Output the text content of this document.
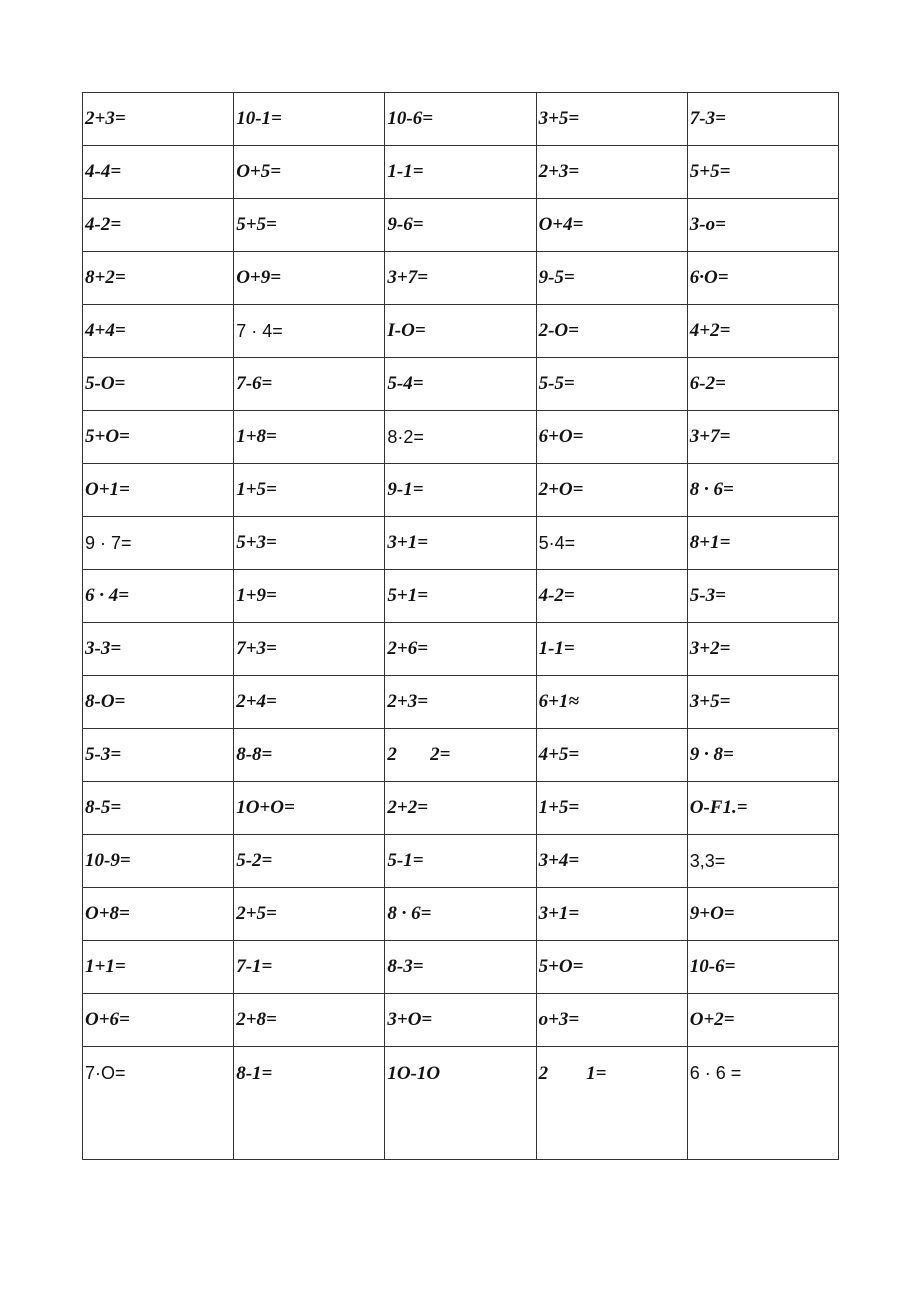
2+3=	10-1=	10-6=	3+5=	7-3=
4-4=	O+5=	1-1=	2+3=	5+5=
4-2=	5+5=	9-6=	O+4=	3-o=
8+2=	O+9=	3+7=	9-5=	6·O=
4+4=	7 · 4=	I-O=	2-O=	4+2=
5-O=	7-6=	5-4=	5-5=	6-2=
5+O=	1+8=	8·2=	6+O=	3+7=
O+1=	1+5=	9-1=	2+O=	8 · 6=
9 · 7=	5+3=	3+1=	5·4=	8+1=
6 · 4=	1+9=	5+1=	4-2=	5-3=
3-3=	7+3=	2+6=	1-1=	3+2=
8-O=	2+4=	2+3=	6+1≈	3+5=
5-3=	8-8=	2       2=	4+5=	9 · 8=
8-5=	1O+O=	2+2=	1+5=	O-F1.=
10-9=	5-2=	5-1=	3+4=	3,3=
O+8=	2+5=	8 · 6=	3+1=	9+O=
1+1=	7-1=	8-3=	5+O=	10-6=
O+6=	2+8=	3+O=	o+3=	O+2=
7·O=	8-1=	1O-1O	2        1=	6 · 6 =
